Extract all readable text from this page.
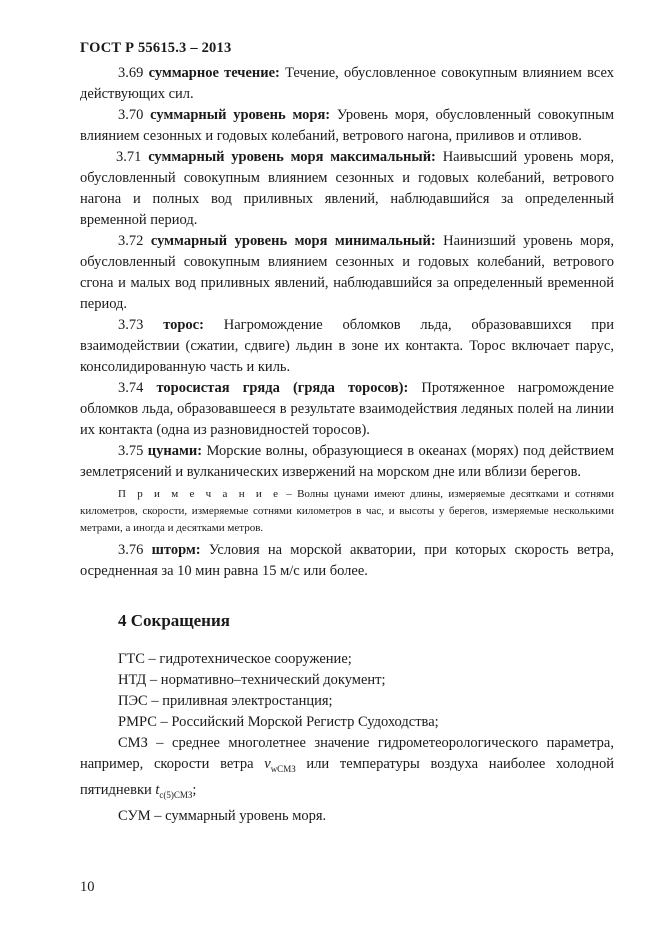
ГОСТ Р 55615.3 – 2013

3.69 суммарное течение: Течение, обусловленное совокупным влиянием всех действующих сил.

3.70 суммарный уровень моря: Уровень моря, обусловленный совокупным влиянием сезонных и годовых колебаний, ветрового нагона, приливов и отливов.

3.71 суммарный уровень моря максимальный: Наивысший уровень моря, обусловленный совокупным влиянием сезонных и годовых колебаний, ветрового нагона и полных вод приливных явлений, наблюдавшийся за определенный временной период.

3.72 суммарный уровень моря минимальный: Наинизший уровень моря, обусловленный совокупным влиянием сезонных и годовых колебаний, ветрового сгона и малых вод приливных явлений, наблюдавшийся за определенный временной период.

3.73 торос: Нагромождение обломков льда, образовавшихся при взаимодействии (сжатии, сдвиге) льдин в зоне их контакта. Торос включает парус, консолидированную часть и киль.

3.74 торосистая гряда (гряда торосов): Протяженное нагромождение обломков льда, образовавшееся в результате взаимодействия ледяных полей на линии их контакта (одна из разновидностей торосов).

3.75 цунами: Морские волны, образующиеся в океанах (морях) под действием землетрясений и вулканических извержений на морском дне или вблизи берегов.

П р и м е ч а н и е – Волны цунами имеют длины, измеряемые десятками и сотнями километров, скорости, измеряемые сотнями километров в час, и высоты у берегов, измеряемые несколькими метрами, а иногда и десятками метров.

3.76 шторм: Условия на морской акватории, при которых скорость ветра, осредненная за 10 мин равна 15 м/с или более.

4 Сокращения

ГТС – гидротехническое сооружение;

НТД – нормативно–технический документ;

ПЭС – приливная электростанция;

РМРС – Российский Морской Регистр Судоходства;

СМЗ – среднее многолетнее значение гидрометеорологического параметра, например, скорости ветра $v_{wСМЗ}$ или температуры воздуха наиболее холодной пятидневки $t_{c(5)СМЗ}$;

СУМ – суммарный уровень моря.

10
